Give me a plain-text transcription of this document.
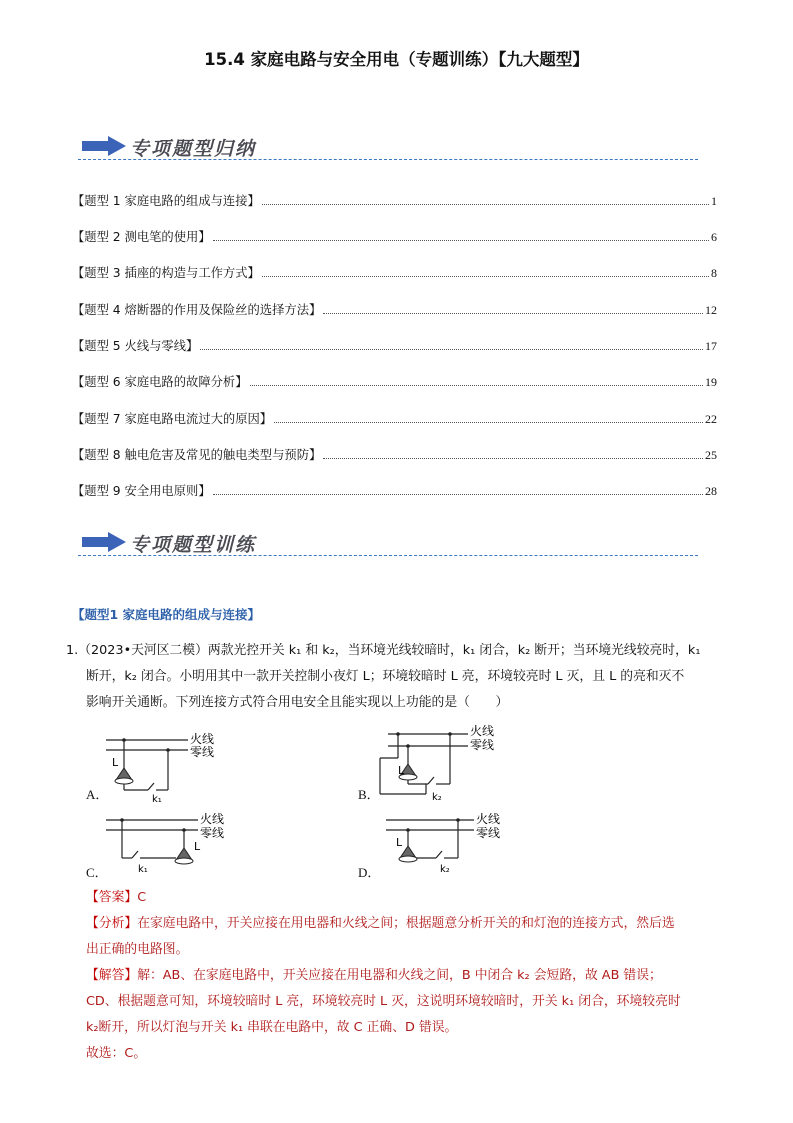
15.4 家庭电路与安全用电（专题训练）【九大题型】
专项题型归纳
【题型 1 家庭电路的组成与连接】	1
【题型 2 测电笔的使用】	6
【题型 3 插座的构造与工作方式】	8
【题型 4 熔断器的作用及保险丝的选择方法】	12
【题型 5 火线与零线】	17
【题型 6 家庭电路的故障分析】	19
【题型 7 家庭电路电流过大的原因】	22
【题型 8 触电危害及常见的触电类型与预防】	25
【题型 9 安全用电原则】	28
专项题型训练
【题型1 家庭电路的组成与连接】
1.（2023•天河区二模）两款光控开关 k₁ 和 k₂，当环境光线较暗时，k₁ 闭合，k₂ 断开；当环境光线较亮时，k₁
断开，k₂ 闭合。小明用其中一款开关控制小夜灯 L；环境较暗时 L 亮，环境较亮时 L 灭，且 L 的亮和灭不
影响开关通断。下列连接方式符合用电安全且能实现以上功能的是（　　）
A．
L
火线
零线
k₁	B．
L
火线
零线
k₂
C．
L
火线
零线
k₁	D．
L
火线
零线
k₂
【答案】C
【分析】在家庭电路中，开关应接在用电器和火线之间；根据题意分析开关的和灯泡的连接方式，然后选
出正确的电路图。
【解答】解：AB、在家庭电路中，开关应接在用电器和火线之间，B 中闭合 k₂ 会短路，故 AB 错误；
CD、根据题意可知，环境较暗时 L 亮，环境较亮时 L 灭，这说明环境较暗时，开关 k₁ 闭合，环境较亮时
k₂断开，所以灯泡与开关 k₁ 串联在电路中，故 C 正确、D 错误。
故选：C。
